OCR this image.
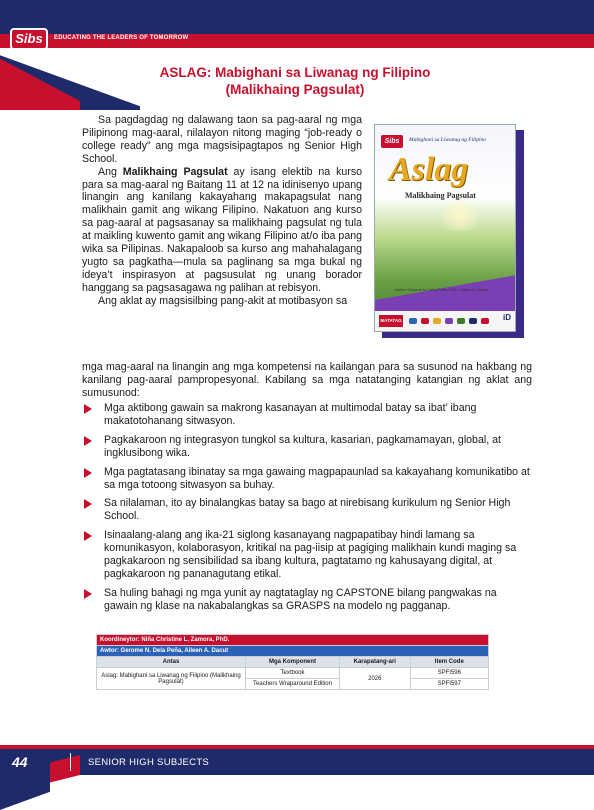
Sibs	EDUCATING THE LEADERS OF TOMORROW
ASLAG: Mabighani sa Liwanag ng Filipino
(Malikhaing Pagsulat)

Sa pagdagdag ng dalawang taon sa pag-aaral ng mga Pilipinong mag-aaral, nilalayon nitong maging “job-ready o college ready” ang mga magsisipagtapos ng Senior High School.

Ang Malikhaing Pagsulat ay isang elektib na kurso para sa mag-aaral ng Baitang 11 at 12 na idinisenyo upang linangin ang kanilang kakayahang makapagsulat nang malikhain gamit ang wikang Filipino. Nakatuon ang kurso sa pag-aaral at pagsasanay sa malikhaing pagsulat ng tula at maikling kuwento gamit ang wikang Filipino at/o iba pang wika sa Pilipinas. Nakapaloob sa kurso ang mahahalagang yugto sa pagkatha—mula sa paglinang sa mga bukal ng ideya’t inspirasyon at pagsusulat ng unang borador hanggang sa pagsasagawa ng palihan at rebisyon.

Ang aklat ay magsisilbing pang-akit at motibasyon sa

Sibs	Mabighani sa Liwanag ng Filipino
Aslag
Malikhaing Pagsulat
Awtor: Gerome N. Dela Peña, PhD · Aileen A. Dacut
MATATAG	iD
mga mag-aaral na linangin ang mga kompetensi na kailangan para sa susunod na hakbang ng kanilang pag-aaral pampropesyonal. Kabilang sa mga natatanging katangian ng aklat ang sumusunod:
Mga aktibong gawain sa makrong kasanayan at multimodal batay sa ibat’ ibang makatotohanang sitwasyon.
Pagkakaroon ng integrasyon tungkol sa kultura, kasarian, pagkamamayan, global, at ingklusibong wika.
Mga pagtatasang ibinatay sa mga gawaing magpapaunlad sa kakayahang komunikatibo at sa mga totoong sitwasyon sa buhay.
Sa nilalaman, ito ay binalangkas batay sa bago at nirebisang kurikulum ng Senior High School.
Isinaalang-alang ang ika-21 siglong kasanayang nagpapatibay hindi lamang sa komunikasyon, kolaborasyon, kritikal na pag-iisip at pagiging malikhain kundi maging sa pagkakaroon ng sensibilidad sa ibang kultura, pagtatamo ng kahusayang digital, at pagkakaroon ng pananagutang etikal.
Sa huling bahagi ng mga yunit ay nagtataglay ng CAPSTONE bilang pangwakas na gawain ng klase na nakabalangkas sa GRASPS na modelo ng pagganap.
Koordineytor: Niña Christine L. Zamora, PhD.			
Awtor: Gerome N. Dela Peña, Aileen A. Dacut			
Antas	Mga Komponent	Karapatang-ari	Item Code
Aslag: Mabighani sa Liwanag ng Filipino (Malikhaing Pagsulat)	Textbook	2026	SPFI596
	Teachers Wraparound Edition		SPFI597
44	SENIOR HIGH SUBJECTS
